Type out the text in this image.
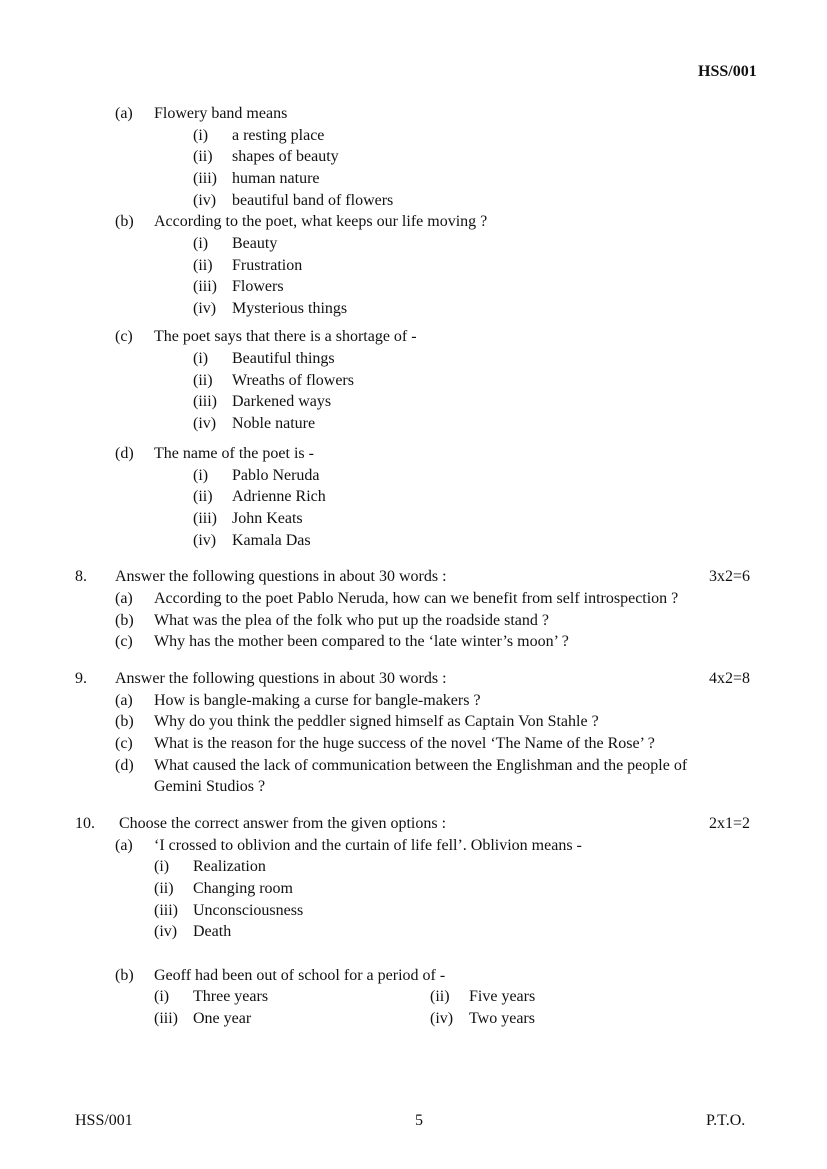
HSS/001
(a) Flowery band means
(i) a resting place
(ii) shapes of beauty
(iii) human nature
(iv) beautiful band of flowers
(b) According to the poet, what keeps our life moving ?
(i) Beauty
(ii) Frustration
(iii) Flowers
(iv) Mysterious things
(c) The poet says that there is a shortage of -
(i) Beautiful things
(ii) Wreaths of flowers
(iii) Darkened ways
(iv) Noble nature
(d) The name of the poet is -
(i) Pablo Neruda
(ii) Adrienne Rich
(iii) John Keats
(iv) Kamala Das
8. Answer the following questions in about 30 words :	3x2=6
(a) According to the poet Pablo Neruda, how can we benefit from self introspection ?
(b) What was the plea of the folk who put up the roadside stand ?
(c) Why has the mother been compared to the ‘late winter’s moon’ ?
9. Answer the following questions in about 30 words :	4x2=8
(a) How is bangle-making a curse for bangle-makers ?
(b) Why do you think the peddler signed himself as Captain Von Stahle ?
(c) What is the reason for the huge success of the novel ‘The Name of the Rose’ ?
(d) What caused the lack of communication between the Englishman and the people of
Gemini Studios ?
10. Choose the correct answer from the given options :	2x1=2
(a) ‘I crossed to oblivion and the curtain of life fell’. Oblivion means -
(i) Realization
(ii) Changing room
(iii) Unconsciousness
(iv) Death
(b) Geoff had been out of school for a period of -
(i) Three years	(ii) Five years
(iii) One year	(iv) Two years
HSS/001	5	P.T.O.
